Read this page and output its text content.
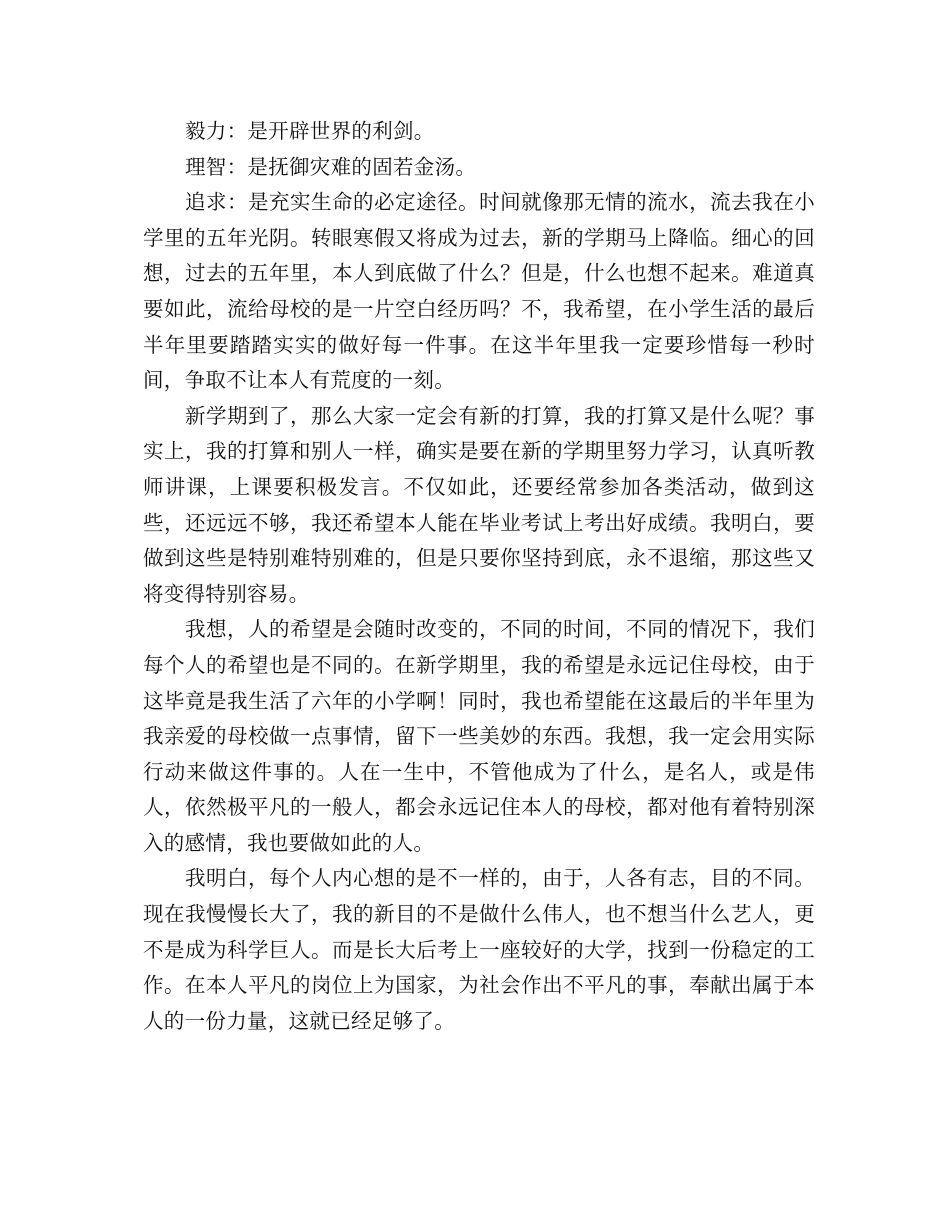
毅力：是开辟世界的利剑。

理智：是抚御灾难的固若金汤。

追求：是充实生命的必定途径。时间就像那无情的流水，流去我在小学里的五年光阴。转眼寒假又将成为过去，新的学期马上降临。细心的回想，过去的五年里，本人到底做了什么？但是，什么也想不起来。难道真要如此，流给母校的是一片空白经历吗？不，我希望，在小学生活的最后半年里要踏踏实实的做好每一件事。在这半年里我一定要珍惜每一秒时间，争取不让本人有荒度的一刻。

新学期到了，那么大家一定会有新的打算，我的打算又是什么呢？事实上，我的打算和别人一样，确实是要在新的学期里努力学习，认真听教师讲课，上课要积极发言。不仅如此，还要经常参加各类活动，做到这些，还远远不够，我还希望本人能在毕业考试上考出好成绩。我明白，要做到这些是特别难特别难的，但是只要你坚持到底，永不退缩，那这些又将变得特别容易。

我想，人的希望是会随时改变的，不同的时间，不同的情况下，我们每个人的希望也是不同的。在新学期里，我的希望是永远记住母校，由于这毕竟是我生活了六年的小学啊！同时，我也希望能在这最后的半年里为我亲爱的母校做一点事情，留下一些美妙的东西。我想，我一定会用实际行动来做这件事的。人在一生中，不管他成为了什么，是名人，或是伟人，依然极平凡的一般人，都会永远记住本人的母校，都对他有着特别深入的感情，我也要做如此的人。

我明白，每个人内心想的是不一样的，由于，人各有志，目的不同。现在我慢慢长大了，我的新目的不是做什么伟人，也不想当什么艺人，更不是成为科学巨人。而是长大后考上一座较好的大学，找到一份稳定的工作。在本人平凡的岗位上为国家，为社会作出不平凡的事，奉献出属于本人的一份力量，这就已经足够了。
